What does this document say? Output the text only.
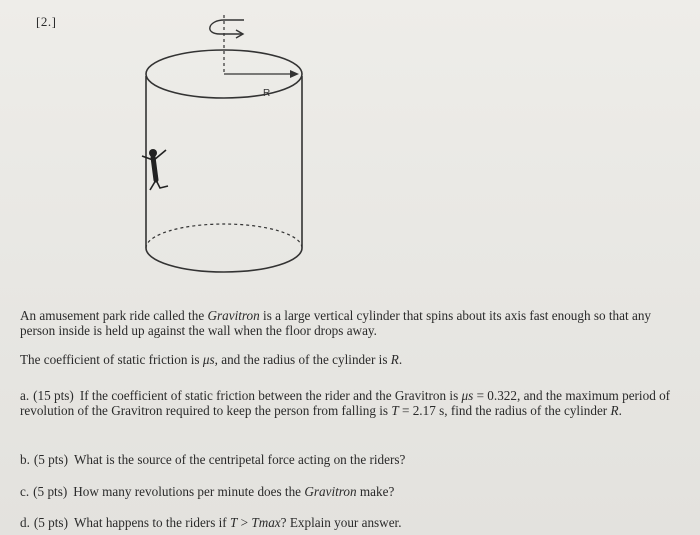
[2.]
R
An amusement park ride called the Gravitron is a large vertical cylinder that spins about its axis fast enough so that any person inside is held up against the wall when the floor drops away.
The coefficient of static friction is μs, and the radius of the cylinder is R.
a. (15 pts) If the coefficient of static friction between the rider and the Gravitron is μs = 0.322, and the maximum period of revolution of the Gravitron required to keep the person from falling is T = 2.17 s, find the radius of the cylinder R.
b. (5 pts) What is the source of the centripetal force acting on the riders?
c. (5 pts) How many revolutions per minute does the Gravitron make?
d. (5 pts) What happens to the riders if T > Tmax? Explain your answer.
